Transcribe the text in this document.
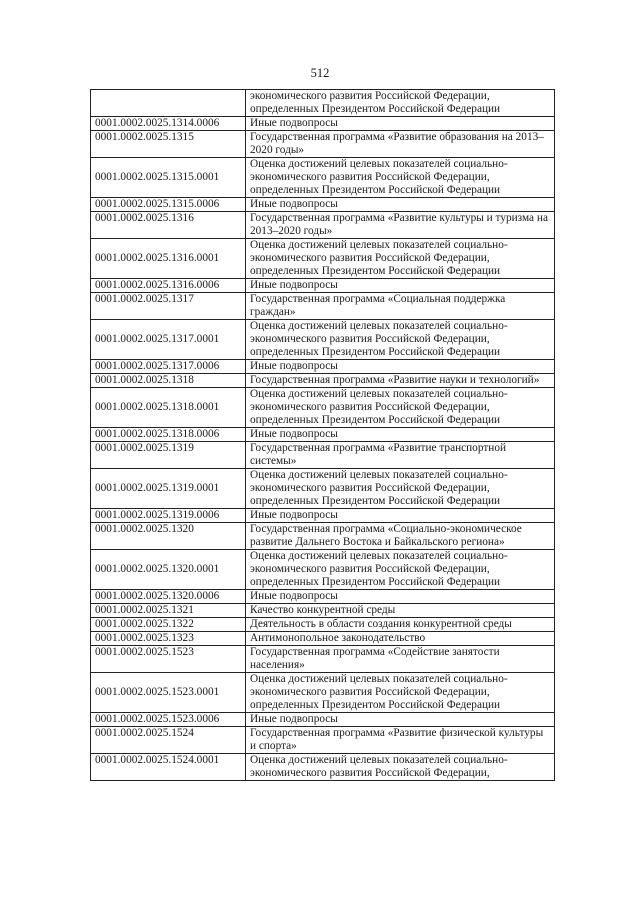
512

	экономического развития Российской Федерации,
определенных Президентом Российской Федерации

0001.0002.0025.1314.0006	Иные подвопросы

0001.0002.0025.1315	Государственная программа «Развитие образования на 2013–
2020 годы»

0001.0002.0025.1315.0001	Оценка достижений целевых показателей социально-
экономического развития Российской Федерации,
определенных Президентом Российской Федерации

0001.0002.0025.1315.0006	Иные подвопросы

0001.0002.0025.1316	Государственная программа «Развитие культуры и туризма на
2013–2020 годы»

0001.0002.0025.1316.0001	Оценка достижений целевых показателей социально-
экономического развития Российской Федерации,
определенных Президентом Российской Федерации

0001.0002.0025.1316.0006	Иные подвопросы

0001.0002.0025.1317	Государственная программа «Социальная поддержка
граждан»

0001.0002.0025.1317.0001	Оценка достижений целевых показателей социально-
экономического развития Российской Федерации,
определенных Президентом Российской Федерации

0001.0002.0025.1317.0006	Иные подвопросы

0001.0002.0025.1318	Государственная программа «Развитие науки и технологий»

0001.0002.0025.1318.0001	Оценка достижений целевых показателей социально-
экономического развития Российской Федерации,
определенных Президентом Российской Федерации

0001.0002.0025.1318.0006	Иные подвопросы

0001.0002.0025.1319	Государственная программа «Развитие транспортной
системы»

0001.0002.0025.1319.0001	Оценка достижений целевых показателей социально-
экономического развития Российской Федерации,
определенных Президентом Российской Федерации

0001.0002.0025.1319.0006	Иные подвопросы

0001.0002.0025.1320	Государственная программа «Социально-экономическое
развитие Дальнего Востока и Байкальского региона»

0001.0002.0025.1320.0001	Оценка достижений целевых показателей социально-
экономического развития Российской Федерации,
определенных Президентом Российской Федерации

0001.0002.0025.1320.0006	Иные подвопросы

0001.0002.0025.1321	Качество конкурентной среды

0001.0002.0025.1322	Деятельность в области создания конкурентной среды

0001.0002.0025.1323	Антимонопольное законодательство

0001.0002.0025.1523	Государственная программа «Содействие занятости
населения»

0001.0002.0025.1523.0001	Оценка достижений целевых показателей социально-
экономического развития Российской Федерации,
определенных Президентом Российской Федерации

0001.0002.0025.1523.0006	Иные подвопросы

0001.0002.0025.1524	Государственная программа «Развитие физической культуры
и спорта»

0001.0002.0025.1524.0001	Оценка достижений целевых показателей социально-
экономического развития Российской Федерации,
